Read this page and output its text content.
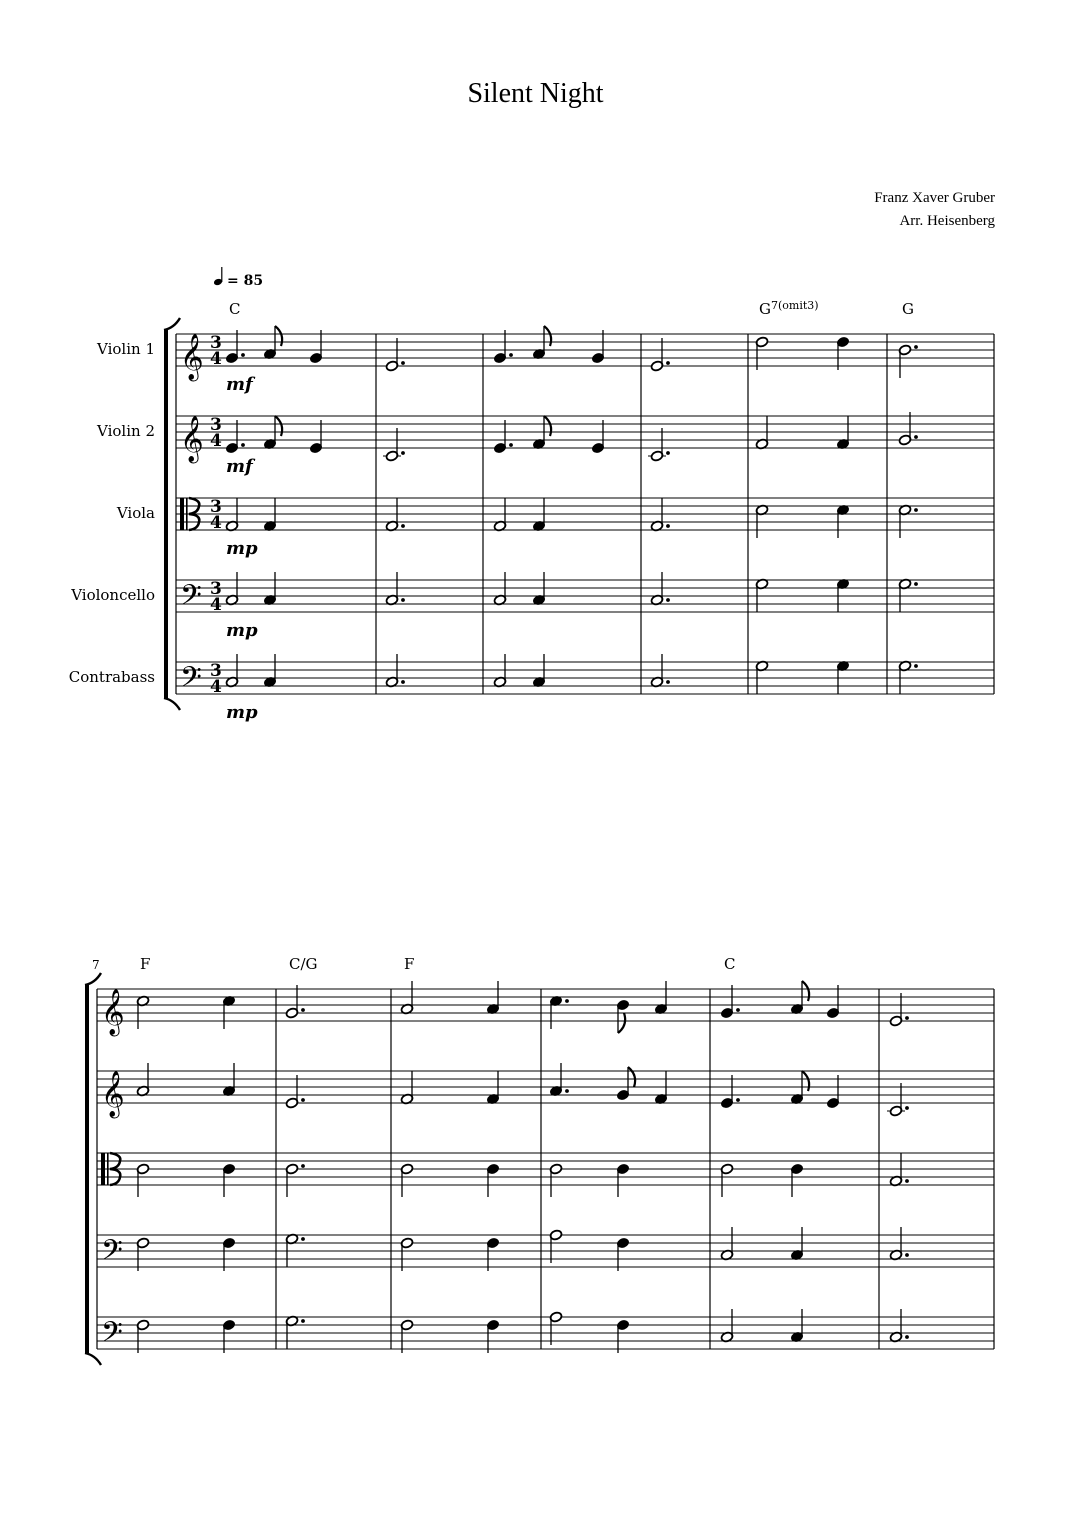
Silent Night
Franz Xaver Gruber
Arr. Heisenberg
𝄞
Violin 1	3
4
mf
𝄞
Violin 2	3
4
mf
Viola	3
4
mp
𝄢
Violoncello	3
4
mp
𝄢
Contrabass	3
4
mp
C	$G^{7(omit3)}$	G
7
𝄞
𝄞
𝄢
𝄢
F	C/G	F	C
= 85
